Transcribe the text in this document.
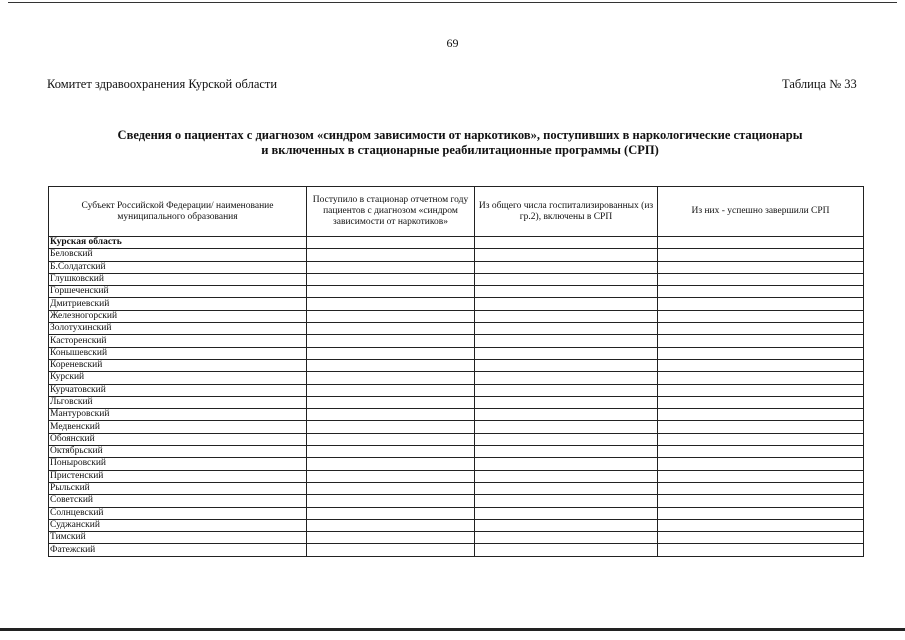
69
Комитет здравоохранения Курской области	Таблица № 33
Сведения о пациентах с диагнозом «синдром зависимости от наркотиков», поступивших в наркологические стационары
и включенных в стационарные реабилитационные программы (СРП)
Субъект Российской Федерации/ наименование муниципального образования	Поступило в стационар отчетном году пациентов с диагнозом «синдром зависимости от наркотиков»	Из общего числа госпитализированных (из гр.2), включены в СРП	Из них - успешно завершили СРП
Курская область			
Беловский			
Б.Солдатский			
Глушковский			
Горшеченский			
Дмитриевский			
Железногорский			
Золотухинский			
Касторенский			
Конышевский			
Кореневский			
Курский			
Курчатовский			
Льговский			
Мантуровский			
Медвенский			
Обоянский			
Октябрьский			
Поныровский			
Пристенский			
Рыльский			
Советский			
Солнцевский			
Суджанский			
Тимский			
Фатежский			
